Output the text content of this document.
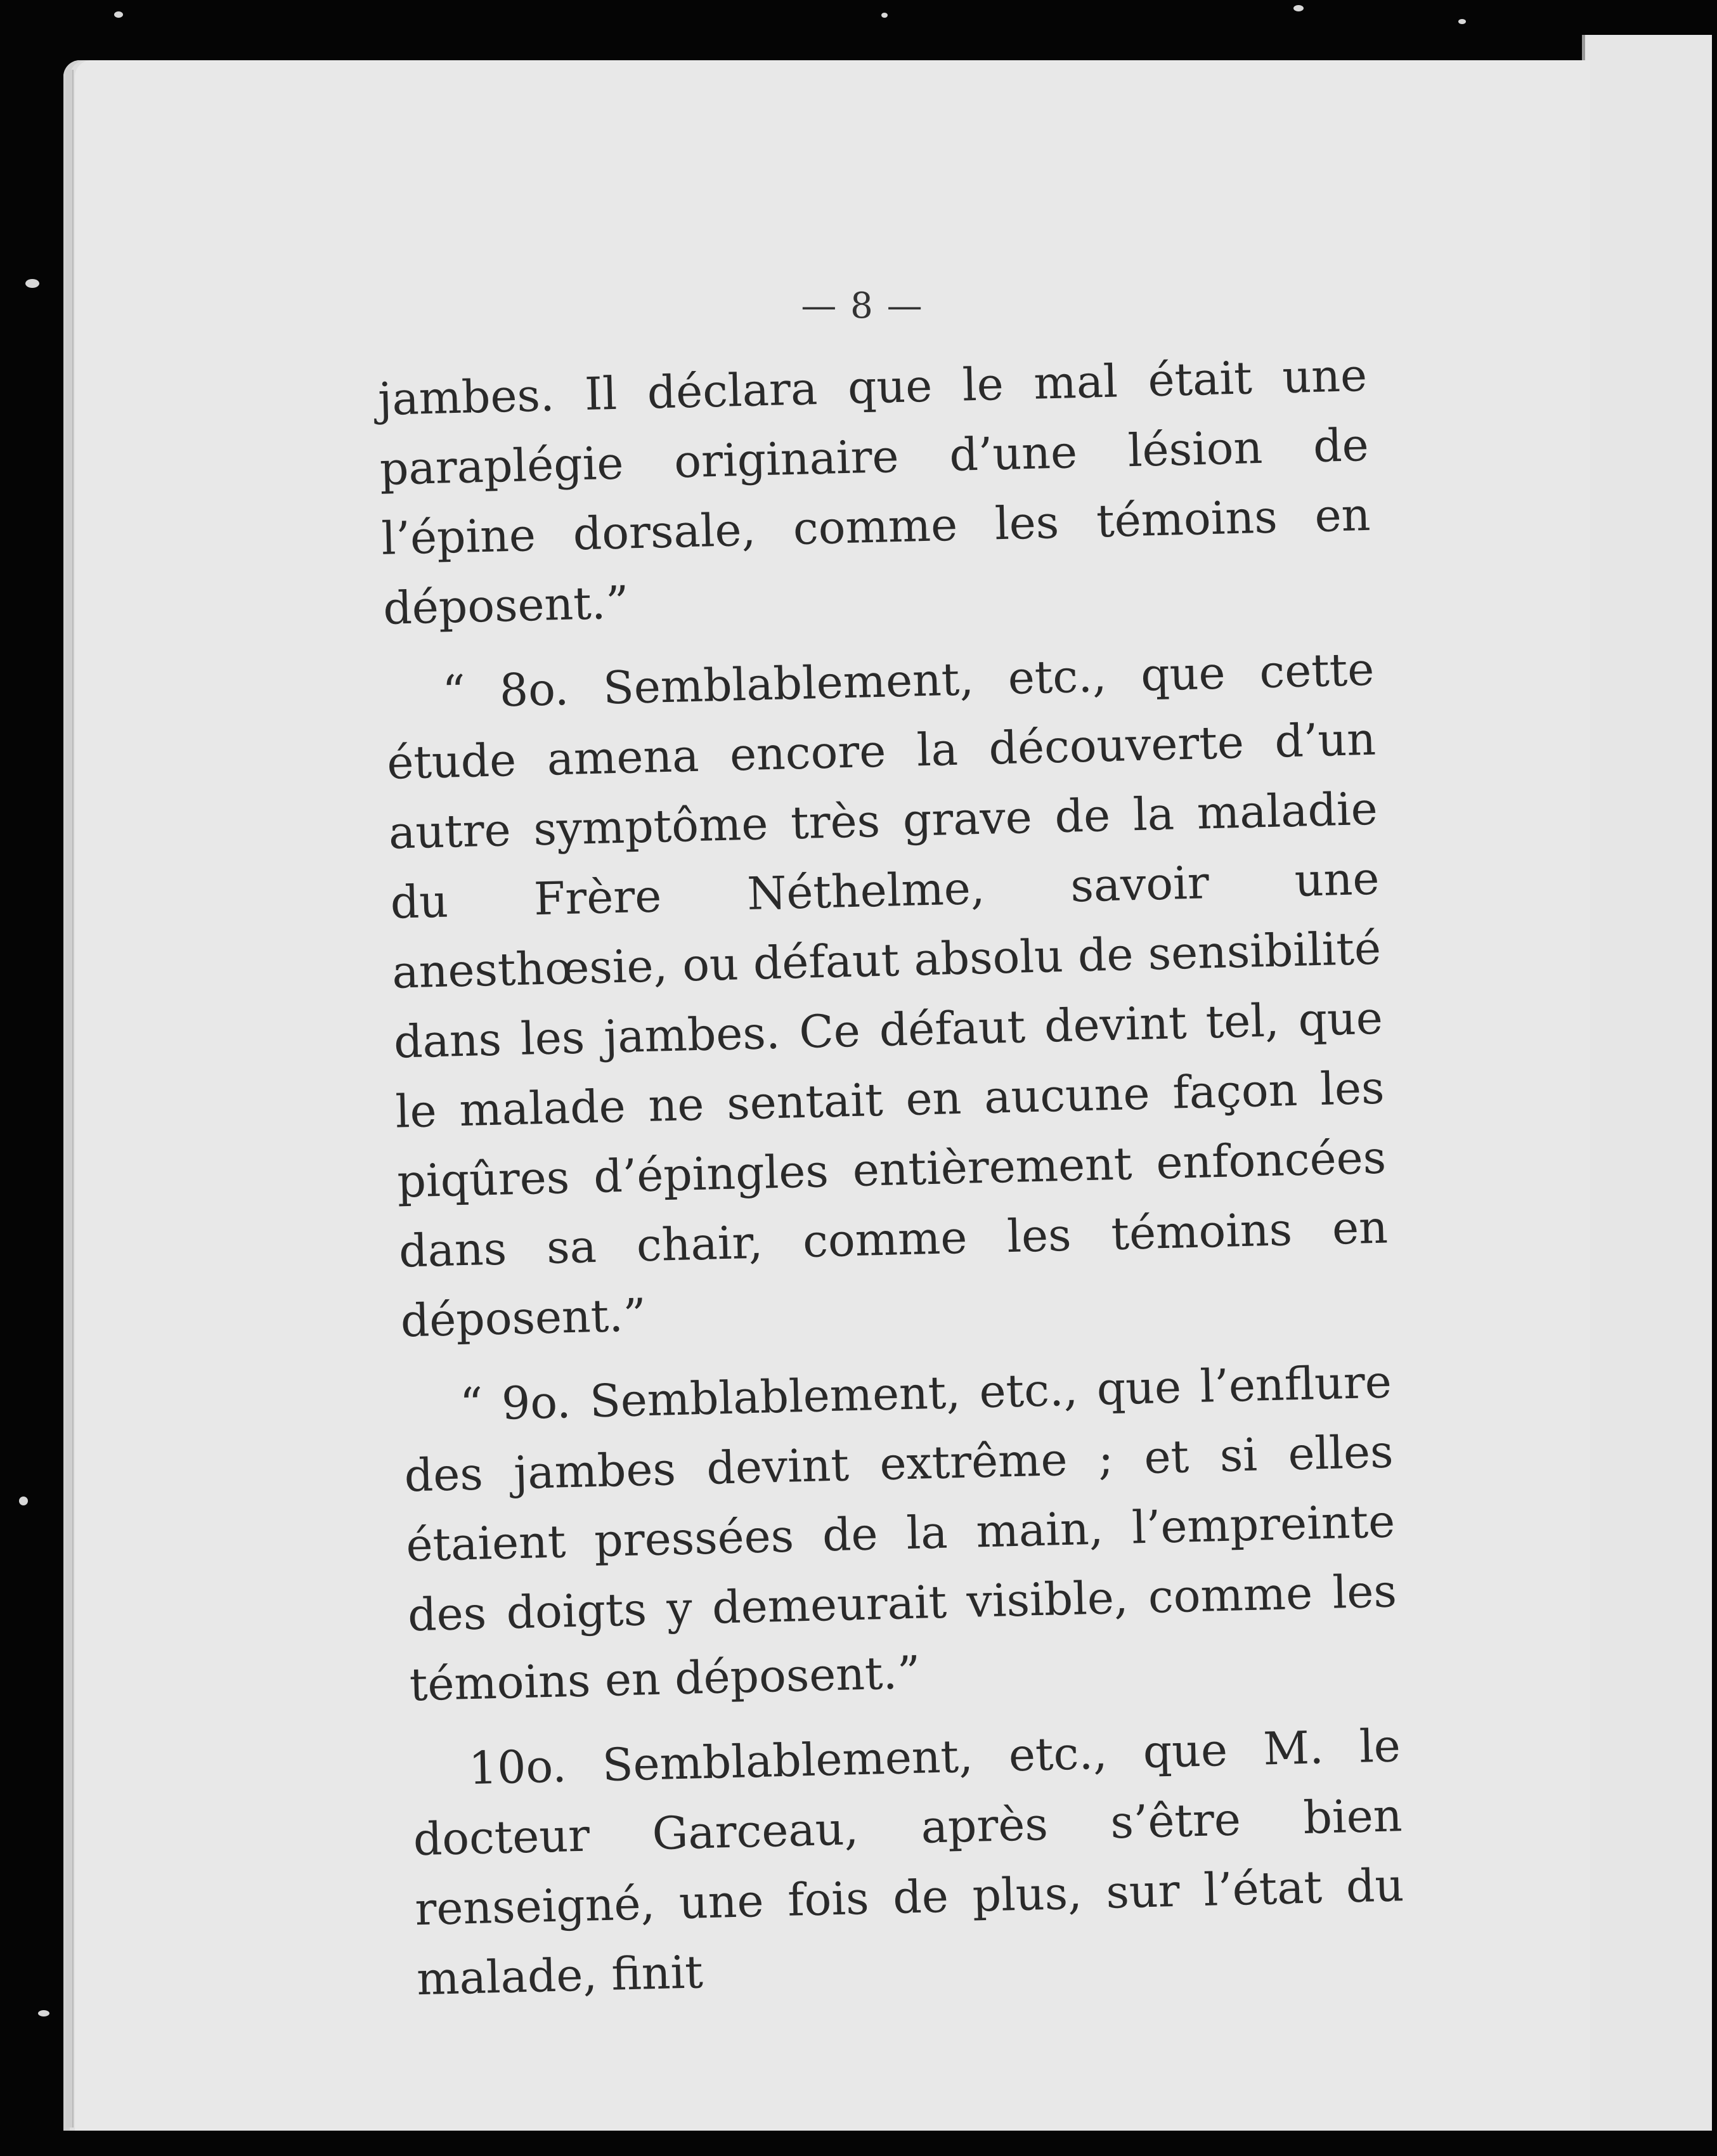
— 8 —

jambes. Il déclara que le mal était une paraplégie originaire d’une lésion de l’épine dorsale, comme les témoins en déposent.”

“ 8o. Semblablement, etc., que cette étude amena encore la découverte d’un autre symptôme très grave de la maladie du Frère Néthelme, savoir une anesthœsie, ou défaut absolu de sensibilité dans les jambes. Ce défaut devint tel, que le malade ne sentait en aucune façon les piqûres d’épingles entièrement enfoncées dans sa chair, comme les témoins en déposent.”

“ 9o. Semblablement, etc., que l’enflure des jambes devint extrême ; et si elles étaient pressées de la main, l’empreinte des doigts y demeurait visible, comme les témoins en déposent.”

10o. Semblablement, etc., que M. le docteur Garceau, après s’être bien renseigné, une fois de plus, sur l’état du malade, finit
